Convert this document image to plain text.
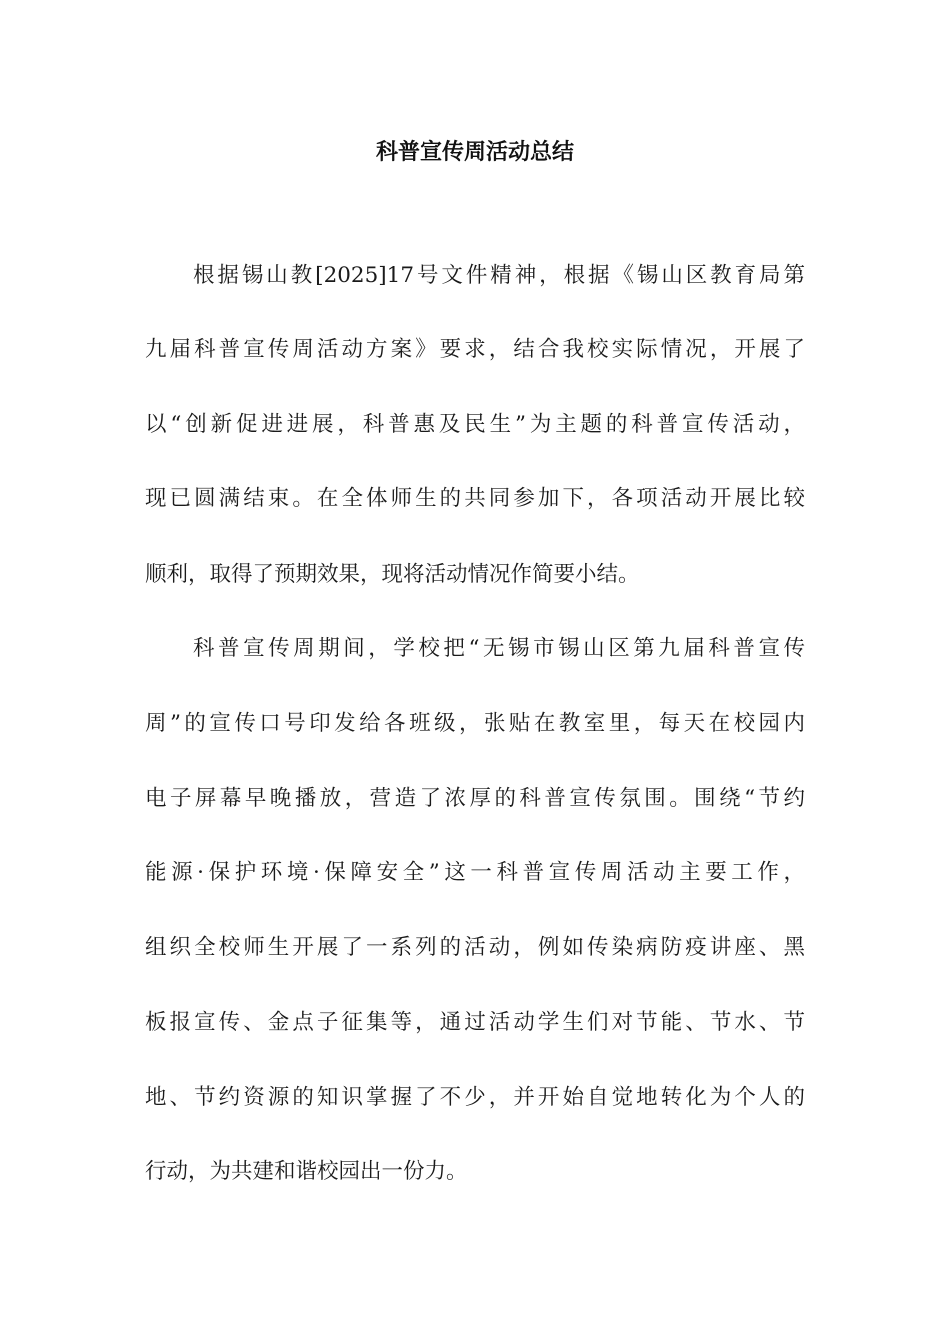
科普宣传周活动总结
根据锡山教[2025]17号文件精神，根据《锡山区教育局第
九届科普宣传周活动方案》要求，结合我校实际情况，开展了
以“创新促进进展，科普惠及民生”为主题的科普宣传活动，
现已圆满结束。在全体师生的共同参加下，各项活动开展比较
顺利，取得了预期效果，现将活动情况作简要小结。
科普宣传周期间，学校把“无锡市锡山区第九届科普宣传
周”的宣传口号印发给各班级，张贴在教室里，每天在校园内
电子屏幕早晚播放，营造了浓厚的科普宣传氛围。围绕“节约
能源·保护环境·保障安全”这一科普宣传周活动主要工作，
组织全校师生开展了一系列的活动，例如传染病防疫讲座、黑
板报宣传、金点子征集等，通过活动学生们对节能、节水、节
地、节约资源的知识掌握了不少，并开始自觉地转化为个人的
行动，为共建和谐校园出一份力。
